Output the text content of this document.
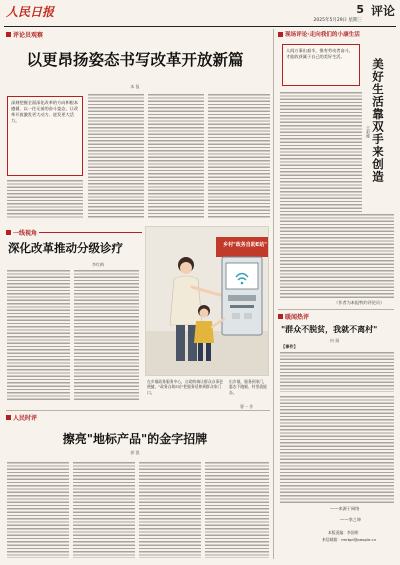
人民日报
2025年5月29日 星期三
5 评论
评论员观察
以更昂扬姿态书写改革开放新篇
本 报
深刻把握全面深化改革的方向和根本遵循，以一往无前的奋斗姿态，让改革开放激发更大动力、迸发更大活力。
一线视角
深化改革推动分级诊疗
李红梅
乡村"政务自助E站"
在乡镇政务服务中心，自助终端让群众办事更便捷，"政务自助E站"把服务延伸到群众家门口。
出乡镇，服务到家门，惠农不跑腿，村里就能办。
曹一 作
人民时评
擦亮"地标产品"的金字招牌
郭 凯
现场评论·走向我们的小康生活
人间万事出艰辛，惟有劳动者奋斗，才能收获属于自己的美好生活。
美好生活靠双手来创造
王彩娜
（作者为本报特约评论员）
暖闻热评
"群众不脱贫，我就不离村"
何 娟
【事件】
——来源于网络
——李之坤
本版责编：李国明
来信邮箱：rmrbpl@people.cn
